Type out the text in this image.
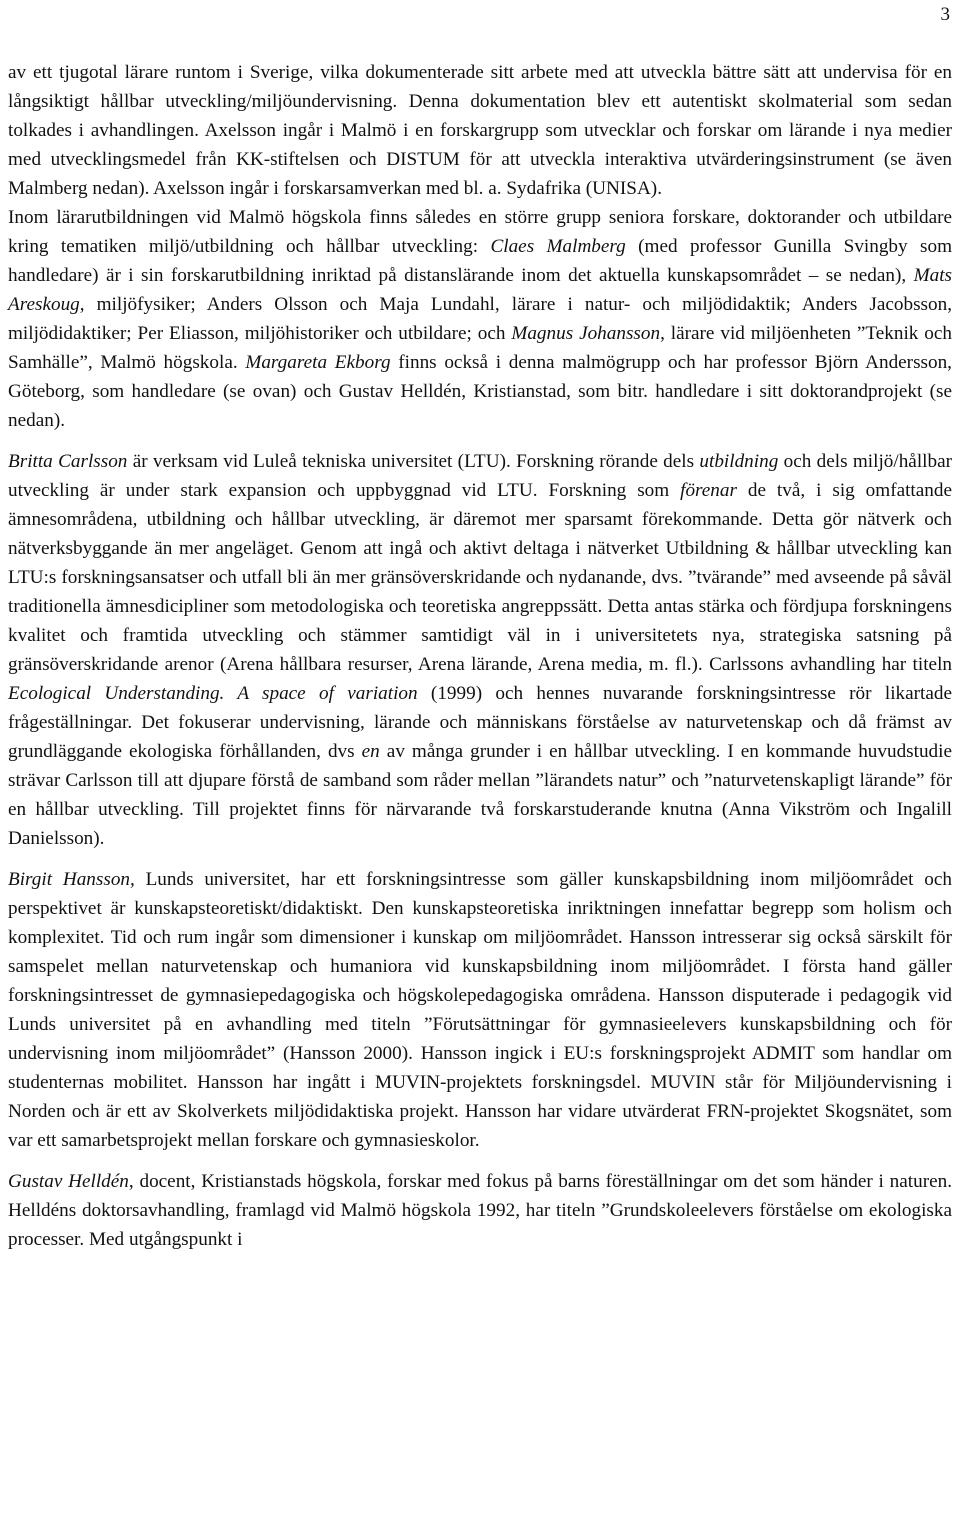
3

av ett tjugotal lärare runtom i Sverige, vilka dokumenterade sitt arbete med att utveckla bättre sätt att undervisa för en långsiktigt hållbar utveckling/miljöundervisning. Denna dokumentation blev ett autentiskt skolmaterial som sedan tolkades i avhandlingen. Axelsson ingår i Malmö i en forskargrupp som utvecklar och forskar om lärande i nya medier med utvecklingsmedel från KK-stiftelsen och DISTUM för att utveckla interaktiva utvärderingsinstrument (se även Malmberg nedan). Axelsson ingår i forskarsamverkan med bl. a. Sydafrika (UNISA).

Inom lärarutbildningen vid Malmö högskola finns således en större grupp seniora forskare, doktorander och utbildare kring tematiken miljö/utbildning och hållbar utveckling: Claes Malmberg (med professor Gunilla Svingby som handledare) är i sin forskarutbildning inriktad på distanslärande inom det aktuella kunskapsområdet – se nedan), Mats Areskoug, miljöfysiker; Anders Olsson och Maja Lundahl, lärare i natur- och miljödidaktik; Anders Jacobsson, miljödidaktiker; Per Eliasson, miljöhistoriker och utbildare; och Magnus Johansson, lärare vid miljöenheten ”Teknik och Samhälle”, Malmö högskola. Margareta Ekborg finns också i denna malmögrupp och har professor Björn Andersson, Göteborg, som handledare (se ovan) och Gustav Helldén, Kristianstad, som bitr. handledare i sitt doktorandprojekt (se nedan).

Britta Carlsson är verksam vid Luleå tekniska universitet (LTU). Forskning rörande dels utbildning och dels miljö/hållbar utveckling är under stark expansion och uppbyggnad vid LTU. Forskning som förenar de två, i sig omfattande ämnesområdena, utbildning och hållbar utveckling, är däremot mer sparsamt förekommande. Detta gör nätverk och nätverksbyggande än mer angeläget. Genom att ingå och aktivt deltaga i nätverket Utbildning & hållbar utveckling kan LTU:s forskningsansatser och utfall bli än mer gränsöverskridande och nydanande, dvs. ”tvärande” med avseende på såväl traditionella ämnesdicipliner som metodologiska och teoretiska angreppssätt. Detta antas stärka och fördjupa forskningens kvalitet och framtida utveckling och stämmer samtidigt väl in i universitetets nya, strategiska satsning på gränsöverskridande arenor (Arena hållbara resurser, Arena lärande, Arena media, m. fl.). Carlssons avhandling har titeln Ecological Understanding. A space of variation (1999) och hennes nuvarande forskningsintresse rör likartade frågeställningar. Det fokuserar undervisning, lärande och människans förståelse av naturvetenskap och då främst av grundläggande ekologiska förhållanden, dvs en av många grunder i en hållbar utveckling. I en kommande huvudstudie strävar Carlsson till att djupare förstå de samband som råder mellan ”lärandets natur” och ”naturvetenskapligt lärande” för en hållbar utveckling. Till projektet finns för närvarande två forskarstuderande knutna (Anna Vikström och Ingalill Danielsson).

Birgit Hansson, Lunds universitet, har ett forskningsintresse som gäller kunskapsbildning inom miljöområdet och perspektivet är kunskapsteoretiskt/didaktiskt. Den kunskapsteoretiska inriktningen innefattar begrepp som holism och komplexitet. Tid och rum ingår som dimensioner i kunskap om miljöområdet. Hansson intresserar sig också särskilt för samspelet mellan naturvetenskap och humaniora vid kunskapsbildning inom miljöområdet. I första hand gäller forskningsintresset de gymnasiepedagogiska och högskolepedagogiska områdena. Hansson disputerade i pedagogik vid Lunds universitet på en avhandling med titeln ”Förutsättningar för gymnasieelevers kunskapsbildning och för undervisning inom miljöområdet” (Hansson 2000). Hansson ingick i EU:s forskningsprojekt ADMIT som handlar om studenternas mobilitet. Hansson har ingått i MUVIN-projektets forskningsdel. MUVIN står för Miljöundervisning i Norden och är ett av Skolverkets miljödidaktiska projekt. Hansson har vidare utvärderat FRN-projektet Skogsnätet, som var ett samarbetsprojekt mellan forskare och gymnasieskolor.

Gustav Helldén, docent, Kristianstads högskola, forskar med fokus på barns föreställningar om det som händer i naturen. Helldéns doktorsavhandling, framlagd vid Malmö högskola 1992, har titeln ”Grundskoleelevers förståelse om ekologiska processer. Med utgångspunkt i
